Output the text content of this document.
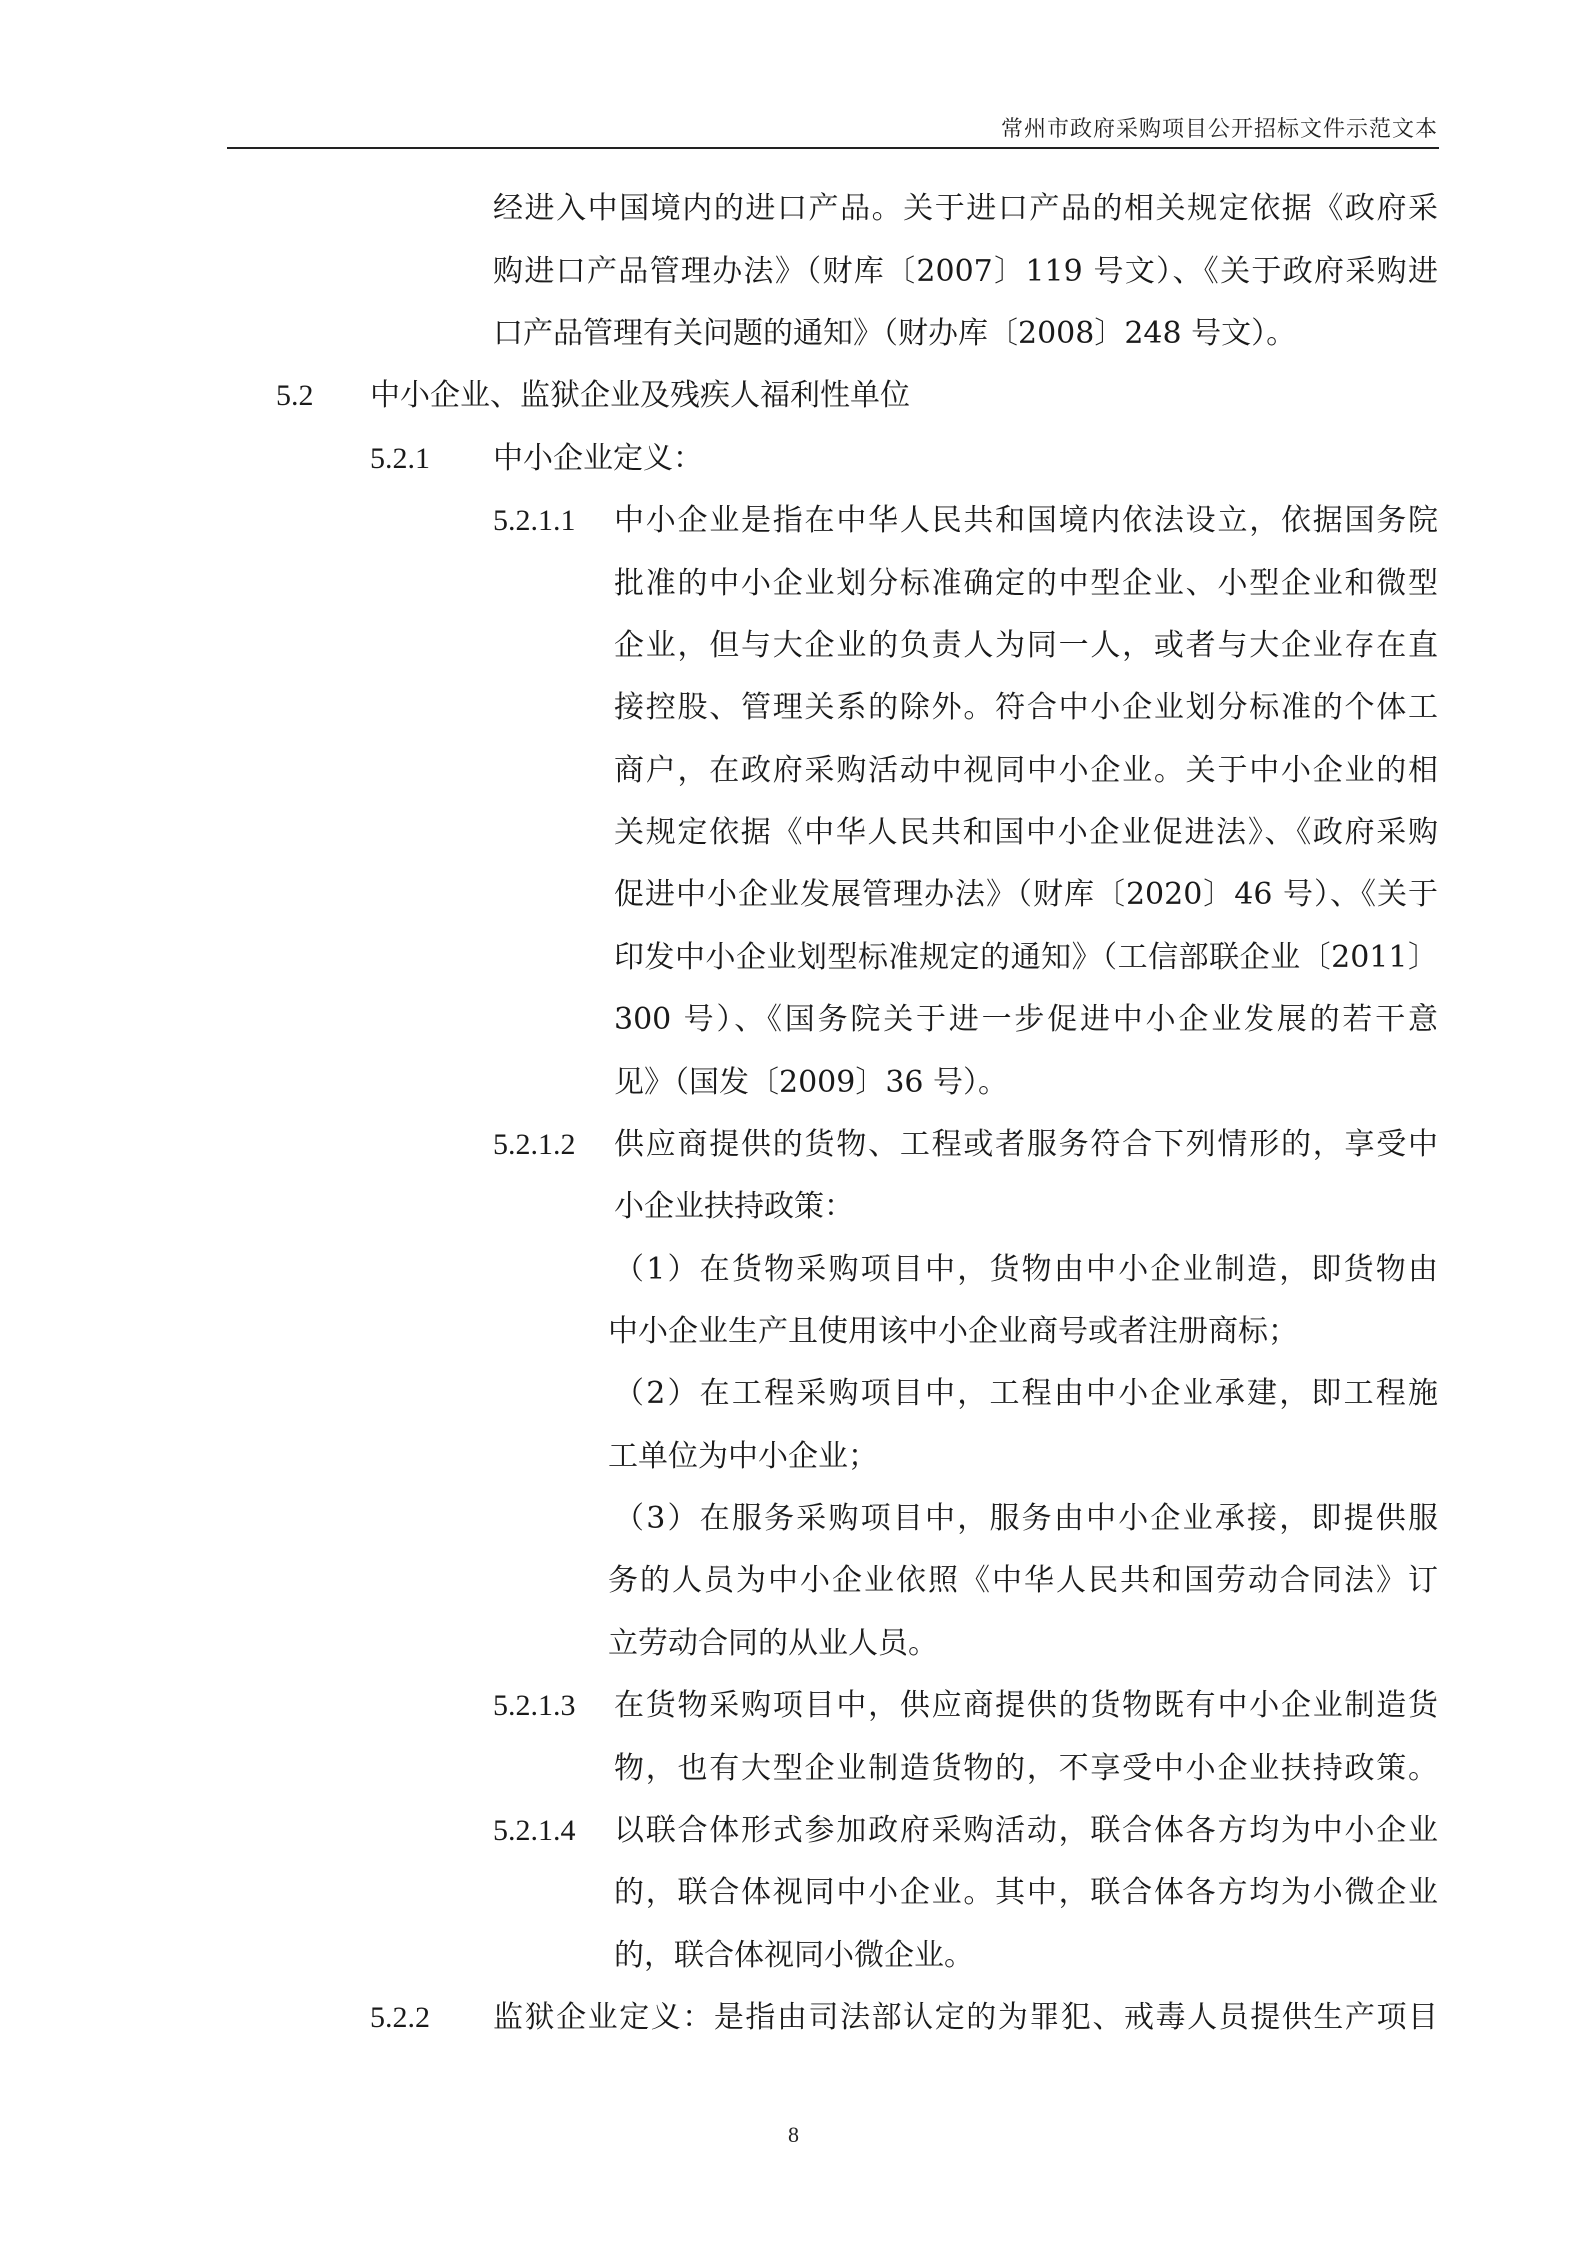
常州市政府采购项目公开招标文件示范文本
经进入中国境内的进口产品。关于进口产品的相关规定依据《政府采
购进口产品管理办法》（财库〔2007〕119 号文）、《关于政府采购进
口产品管理有关问题的通知》（财办库〔2008〕248 号文）。
5.2 中小企业、监狱企业及残疾人福利性单位
5.2.1 中小企业定义：
5.2.1.1 中小企业是指在中华人民共和国境内依法设立，依据国务院
批准的中小企业划分标准确定的中型企业、小型企业和微型
企业，但与大企业的负责人为同一人，或者与大企业存在直
接控股、管理关系的除外。符合中小企业划分标准的个体工
商户，在政府采购活动中视同中小企业。关于中小企业的相
关规定依据《中华人民共和国中小企业促进法》、《政府采购
促进中小企业发展管理办法》（财库〔2020〕46 号）、《关于
印发中小企业划型标准规定的通知》（工信部联企业〔2011〕
300 号）、《国务院关于进一步促进中小企业发展的若干意
见》（国发〔2009〕36 号）。
5.2.1.2 供应商提供的货物、工程或者服务符合下列情形的，享受中
小企业扶持政策：
（1）在货物采购项目中，货物由中小企业制造，即货物由
中小企业生产且使用该中小企业商号或者注册商标；
（2）在工程采购项目中，工程由中小企业承建，即工程施
工单位为中小企业；
（3）在服务采购项目中，服务由中小企业承接，即提供服
务的人员为中小企业依照《中华人民共和国劳动合同法》订
立劳动合同的从业人员。
5.2.1.3 在货物采购项目中，供应商提供的货物既有中小企业制造货
物，也有大型企业制造货物的，不享受中小企业扶持政策。
5.2.1.4 以联合体形式参加政府采购活动，联合体各方均为中小企业
的，联合体视同中小企业。其中，联合体各方均为小微企业
的，联合体视同小微企业。
5.2.2 监狱企业定义：是指由司法部认定的为罪犯、戒毒人员提供生产项目
8
